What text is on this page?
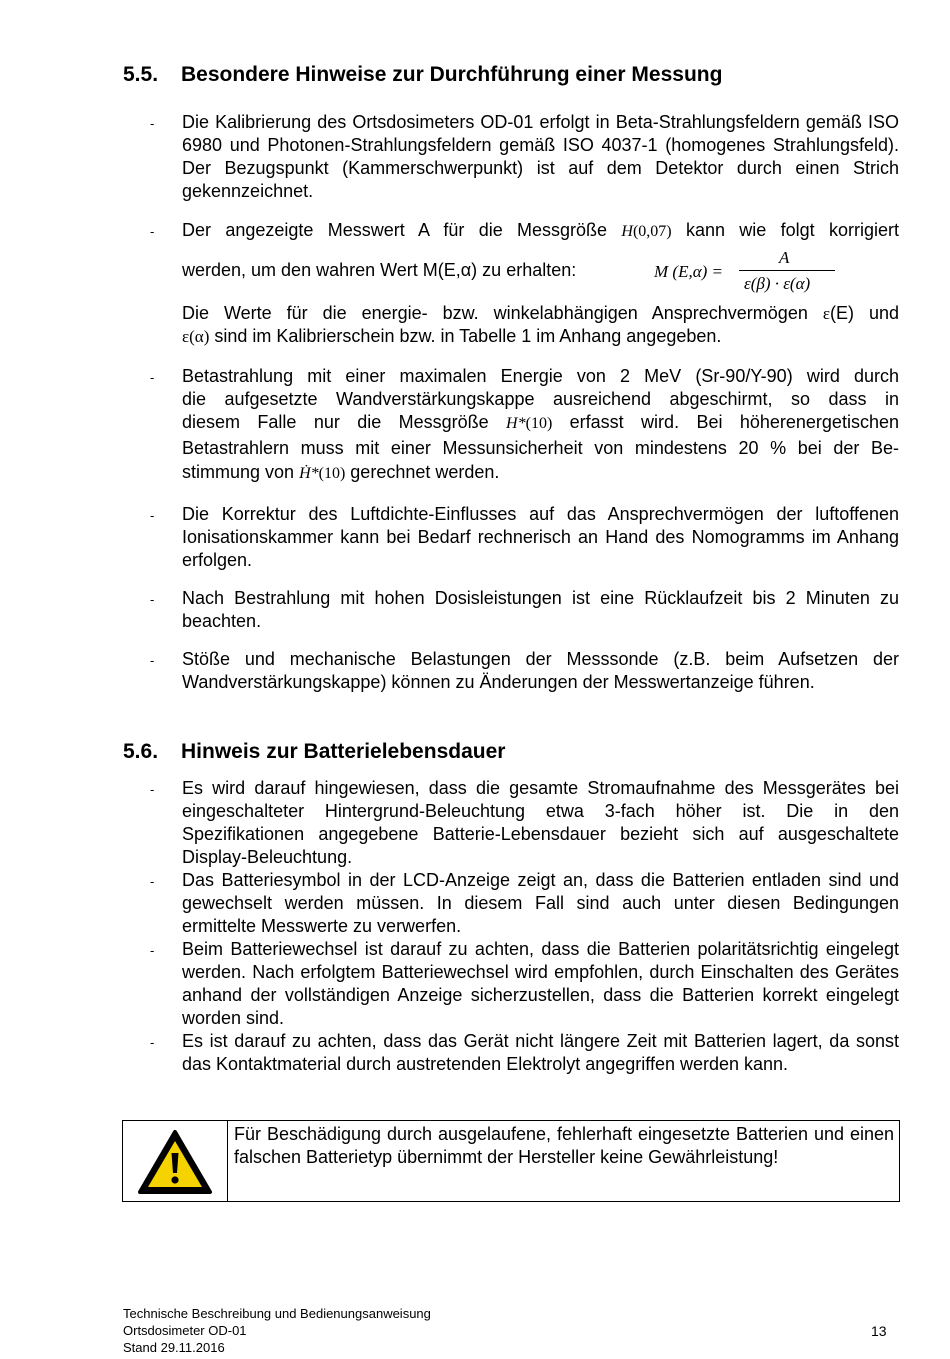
5.5. Besondere Hinweise zur Durchführung einer Messung
- Die Kalibrierung des Ortsdosimeters OD-01 erfolgt in Beta-Strahlungsfeldern gemäß ISO 6980 und Photonen-Strahlungsfeldern gemäß ISO 4037-1 (homogenes Strahlungsfeld). Der Bezugspunkt (Kammerschwerpunkt) ist auf dem Detektor durch einen Strich gekennzeichnet.
- Der angezeigte Messwert A für die Messgröße H(0,07) kann wie folgt korrigiert
werden, um den wahren Wert M(E,α) zu erhalten:
Die Werte für die energie- bzw. winkelabhängigen Ansprechvermögen ε(E) und
ε(α) sind im Kalibrierschein bzw. in Tabelle 1 im Anhang angegeben.
M (E,α) =
A
ε(β) · ε(α)
- Betastrahlung mit einer maximalen Energie von 2 MeV (Sr-90/Y-90) wird durch
die aufgesetzte Wandverstärkungskappe ausreichend abgeschirmt, so dass in
diesem Falle nur die Messgröße H*(10) erfasst wird. Bei höherenergetischen
Betastrahlern muss mit einer Messunsicherheit von mindestens 20 % bei der Be-
stimmung von Ḣ*(10) gerechnet werden.
- Die Korrektur des Luftdichte-Einflusses auf das Ansprechvermögen der luftoffenen Ionisationskammer kann bei Bedarf rechnerisch an Hand des Nomogramms im Anhang erfolgen.
- Nach Bestrahlung mit hohen Dosisleistungen ist eine Rücklaufzeit bis 2 Minuten zu beachten.
- Stöße und mechanische Belastungen der Messsonde (z.B. beim Aufsetzen der Wandverstärkungskappe) können zu Änderungen der Messwertanzeige führen.
5.6. Hinweis zur Batterielebensdauer
- Es wird darauf hingewiesen, dass die gesamte Stromaufnahme des Messgerätes bei eingeschalteter Hintergrund-Beleuchtung etwa 3-fach höher ist. Die in den Spezifikationen angegebene Batterie-Lebensdauer bezieht sich auf ausgeschaltete Display-Beleuchtung.
- Das Batteriesymbol in der LCD-Anzeige zeigt an, dass die Batterien entladen sind und gewechselt werden müssen. In diesem Fall sind auch unter diesen Bedingungen ermittelte Messwerte zu verwerfen.
- Beim Batteriewechsel ist darauf zu achten, dass die Batterien polaritätsrichtig eingelegt werden. Nach erfolgtem Batteriewechsel wird empfohlen, durch Einschalten des Gerätes anhand der vollständigen Anzeige sicherzustellen, dass die Batterien korrekt eingelegt worden sind.
- Es ist darauf zu achten, dass das Gerät nicht längere Zeit mit Batterien lagert, da sonst das Kontaktmaterial durch austretenden Elektrolyt angegriffen werden kann.
Für Beschädigung durch ausgelaufene, fehlerhaft eingesetzte Batterien und einen falschen Batterietyp übernimmt der Hersteller keine Gewährleistung!
Technische Beschreibung und Bedienungsanweisung
Ortsdosimeter OD-01
Stand 29.11.2016
13
